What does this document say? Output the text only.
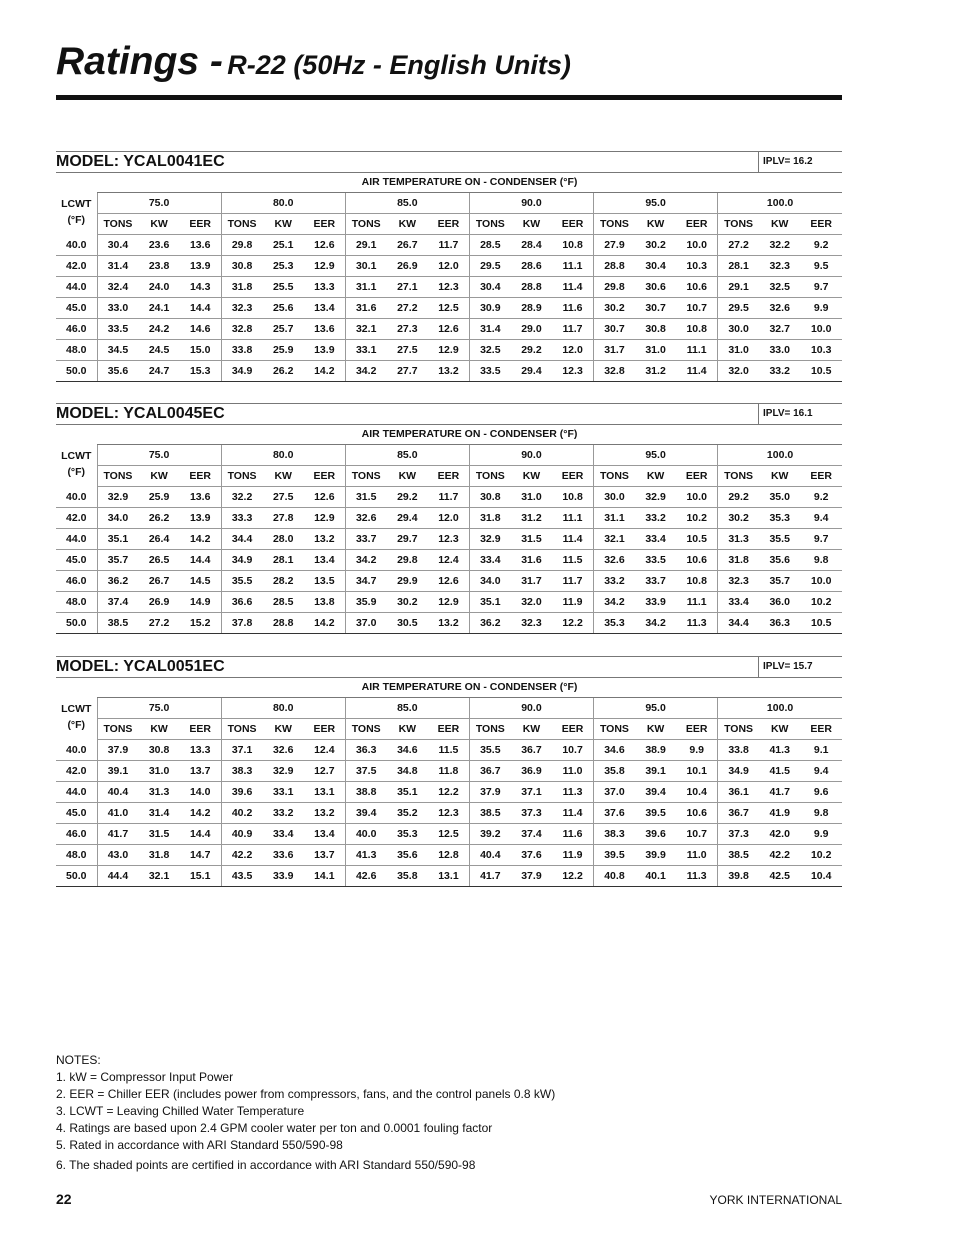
Ratings - R-22 (50Hz - English Units)
MODEL: YCAL0041EC	IPLV= 16.2
AIR TEMPERATURE ON - CONDENSER (°F)
LCWT
(°F)	75.0			80.0			85.0			90.0			95.0			100.0		
	TONS	KW	EER	TONS	KW	EER	TONS	KW	EER	TONS	KW	EER	TONS	KW	EER	TONS	KW	EER
40.0	30.4	23.6	13.6	29.8	25.1	12.6	29.1	26.7	11.7	28.5	28.4	10.8	27.9	30.2	10.0	27.2	32.2	9.2
42.0	31.4	23.8	13.9	30.8	25.3	12.9	30.1	26.9	12.0	29.5	28.6	11.1	28.8	30.4	10.3	28.1	32.3	9.5
44.0	32.4	24.0	14.3	31.8	25.5	13.3	31.1	27.1	12.3	30.4	28.8	11.4	29.8	30.6	10.6	29.1	32.5	9.7
45.0	33.0	24.1	14.4	32.3	25.6	13.4	31.6	27.2	12.5	30.9	28.9	11.6	30.2	30.7	10.7	29.5	32.6	9.9
46.0	33.5	24.2	14.6	32.8	25.7	13.6	32.1	27.3	12.6	31.4	29.0	11.7	30.7	30.8	10.8	30.0	32.7	10.0
48.0	34.5	24.5	15.0	33.8	25.9	13.9	33.1	27.5	12.9	32.5	29.2	12.0	31.7	31.0	11.1	31.0	33.0	10.3
50.0	35.6	24.7	15.3	34.9	26.2	14.2	34.2	27.7	13.2	33.5	29.4	12.3	32.8	31.2	11.4	32.0	33.2	10.5
MODEL: YCAL0045EC	IPLV= 16.1
AIR TEMPERATURE ON - CONDENSER (°F)
LCWT
(°F)	75.0			80.0			85.0			90.0			95.0			100.0		
	TONS	KW	EER	TONS	KW	EER	TONS	KW	EER	TONS	KW	EER	TONS	KW	EER	TONS	KW	EER
40.0	32.9	25.9	13.6	32.2	27.5	12.6	31.5	29.2	11.7	30.8	31.0	10.8	30.0	32.9	10.0	29.2	35.0	9.2
42.0	34.0	26.2	13.9	33.3	27.8	12.9	32.6	29.4	12.0	31.8	31.2	11.1	31.1	33.2	10.2	30.2	35.3	9.4
44.0	35.1	26.4	14.2	34.4	28.0	13.2	33.7	29.7	12.3	32.9	31.5	11.4	32.1	33.4	10.5	31.3	35.5	9.7
45.0	35.7	26.5	14.4	34.9	28.1	13.4	34.2	29.8	12.4	33.4	31.6	11.5	32.6	33.5	10.6	31.8	35.6	9.8
46.0	36.2	26.7	14.5	35.5	28.2	13.5	34.7	29.9	12.6	34.0	31.7	11.7	33.2	33.7	10.8	32.3	35.7	10.0
48.0	37.4	26.9	14.9	36.6	28.5	13.8	35.9	30.2	12.9	35.1	32.0	11.9	34.2	33.9	11.1	33.4	36.0	10.2
50.0	38.5	27.2	15.2	37.8	28.8	14.2	37.0	30.5	13.2	36.2	32.3	12.2	35.3	34.2	11.3	34.4	36.3	10.5
MODEL: YCAL0051EC	IPLV= 15.7
AIR TEMPERATURE ON - CONDENSER (°F)
LCWT
(°F)	75.0			80.0			85.0			90.0			95.0			100.0		
	TONS	KW	EER	TONS	KW	EER	TONS	KW	EER	TONS	KW	EER	TONS	KW	EER	TONS	KW	EER
40.0	37.9	30.8	13.3	37.1	32.6	12.4	36.3	34.6	11.5	35.5	36.7	10.7	34.6	38.9	9.9	33.8	41.3	9.1
42.0	39.1	31.0	13.7	38.3	32.9	12.7	37.5	34.8	11.8	36.7	36.9	11.0	35.8	39.1	10.1	34.9	41.5	9.4
44.0	40.4	31.3	14.0	39.6	33.1	13.1	38.8	35.1	12.2	37.9	37.1	11.3	37.0	39.4	10.4	36.1	41.7	9.6
45.0	41.0	31.4	14.2	40.2	33.2	13.2	39.4	35.2	12.3	38.5	37.3	11.4	37.6	39.5	10.6	36.7	41.9	9.8
46.0	41.7	31.5	14.4	40.9	33.4	13.4	40.0	35.3	12.5	39.2	37.4	11.6	38.3	39.6	10.7	37.3	42.0	9.9
48.0	43.0	31.8	14.7	42.2	33.6	13.7	41.3	35.6	12.8	40.4	37.6	11.9	39.5	39.9	11.0	38.5	42.2	10.2
50.0	44.4	32.1	15.1	43.5	33.9	14.1	42.6	35.8	13.1	41.7	37.9	12.2	40.8	40.1	11.3	39.8	42.5	10.4
NOTES:
1. kW = Compressor Input Power
2. EER = Chiller EER (includes power from compressors, fans, and the control panels 0.8 kW)
3. LCWT = Leaving Chilled Water Temperature
4. Ratings are based upon 2.4 GPM cooler water per ton and 0.0001 fouling factor
5. Rated in accordance with ARI Standard 550/590-98
6. The shaded points are certified in accordance with ARI Standard 550/590-98
22	YORK INTERNATIONAL
